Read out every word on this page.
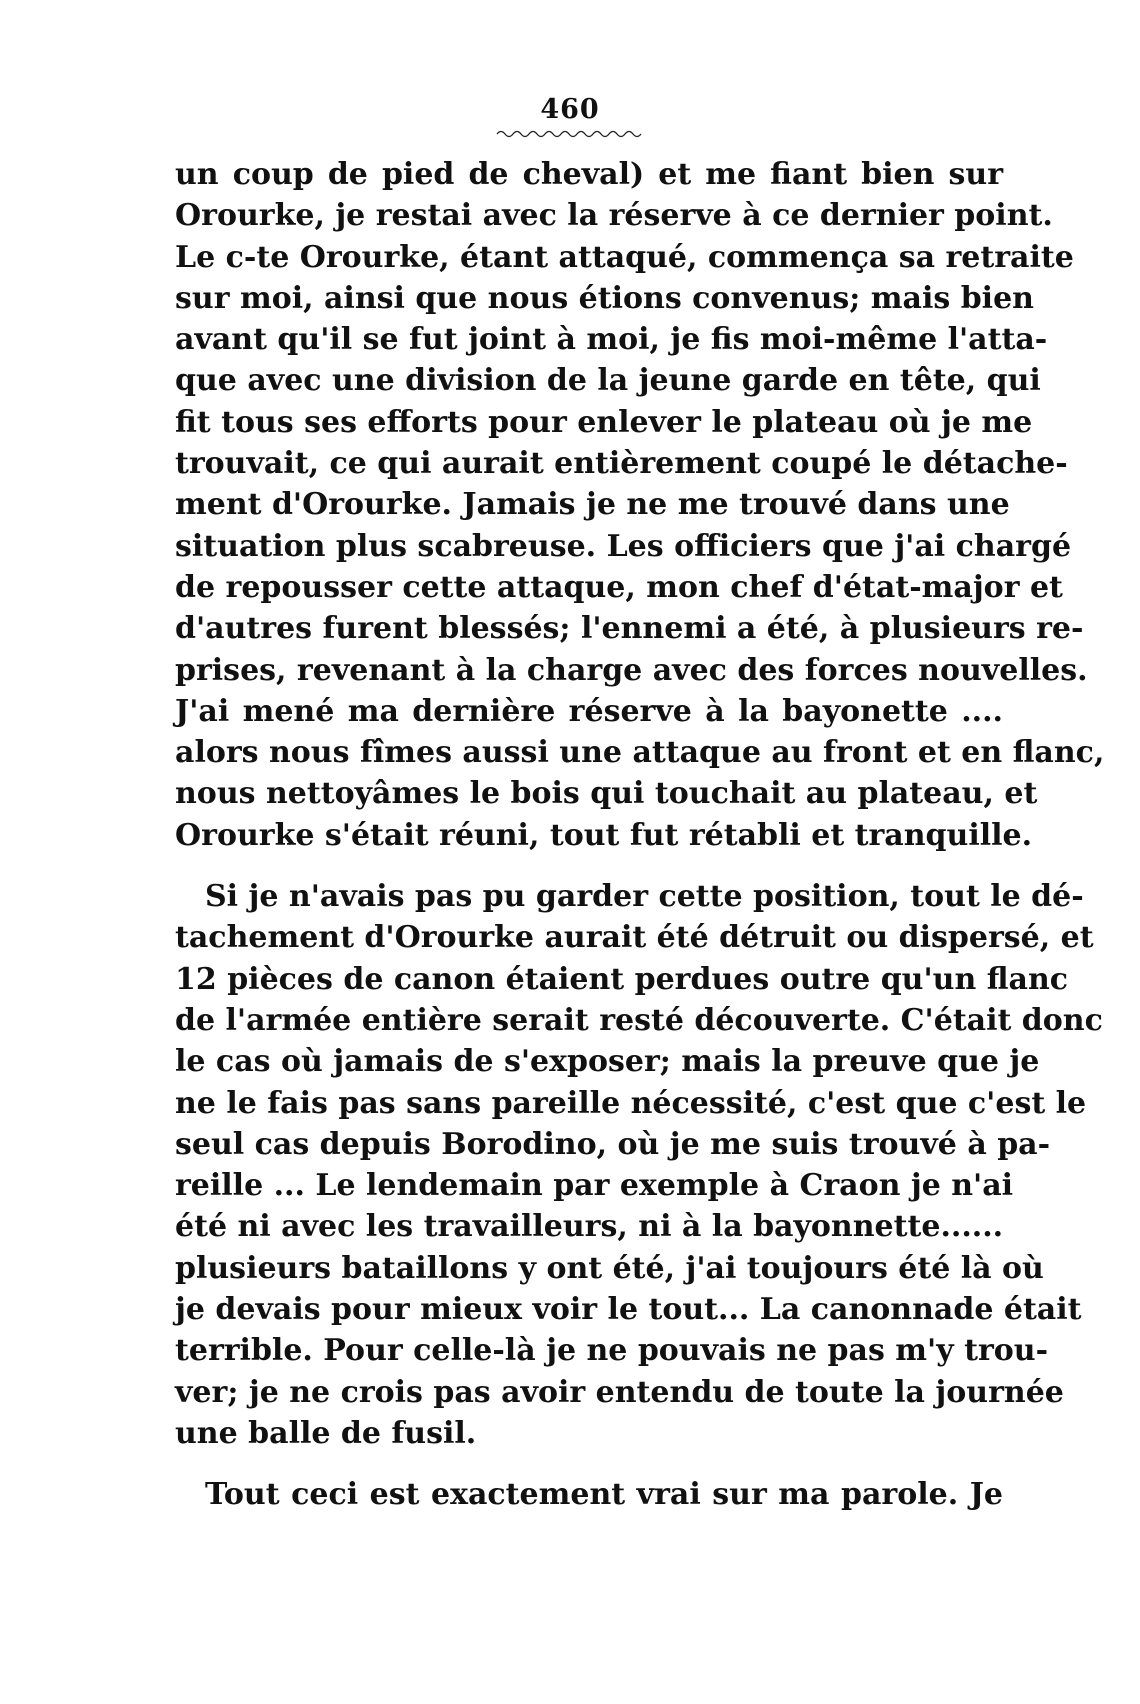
460
un coup de pied de cheval) et me fiant bien sur
Orourke, je restai avec la réserve à ce dernier point.
Le c-te Orourke, étant attaqué, commença sa retraite
sur moi, ainsi que nous étions convenus; mais bien
avant qu'il se fut joint à moi, je fis moi-même l'atta-
que avec une division de la jeune garde en tête, qui
fit tous ses efforts pour enlever le plateau où je me
trouvait, ce qui aurait entièrement coupé le détache-
ment d'Orourke. Jamais je ne me trouvé dans une
situation plus scabreuse. Les officiers que j'ai chargé
de repousser cette attaque, mon chef d'état-major et
d'autres furent blessés; l'ennemi a été, à plusieurs re-
prises, revenant à la charge avec des forces nouvelles.
J'ai mené ma dernière réserve à la bayonette ....
alors nous fîmes aussi une attaque au front et en flanc,
nous nettoyâmes le bois qui touchait au plateau, et
Orourke s'était réuni, tout fut rétabli et tranquille.
Si je n'avais pas pu garder cette position, tout le dé-
tachement d'Orourke aurait été détruit ou dispersé, et
12 pièces de canon étaient perdues outre qu'un flanc
de l'armée entière serait resté découverte. C'était donc
le cas où jamais de s'exposer; mais la preuve que je
ne le fais pas sans pareille nécessité, c'est que c'est le
seul cas depuis Borodino, où je me suis trouvé à pa-
reille ... Le lendemain par exemple à Craon je n'ai
été ni avec les travailleurs, ni à la bayonnette......
plusieurs bataillons y ont été, j'ai toujours été là où
je devais pour mieux voir le tout... La canonnade était
terrible. Pour celle-là je ne pouvais ne pas m'y trou-
ver; je ne crois pas avoir entendu de toute la journée
une balle de fusil.
Tout ceci est exactement vrai sur ma parole. Je
